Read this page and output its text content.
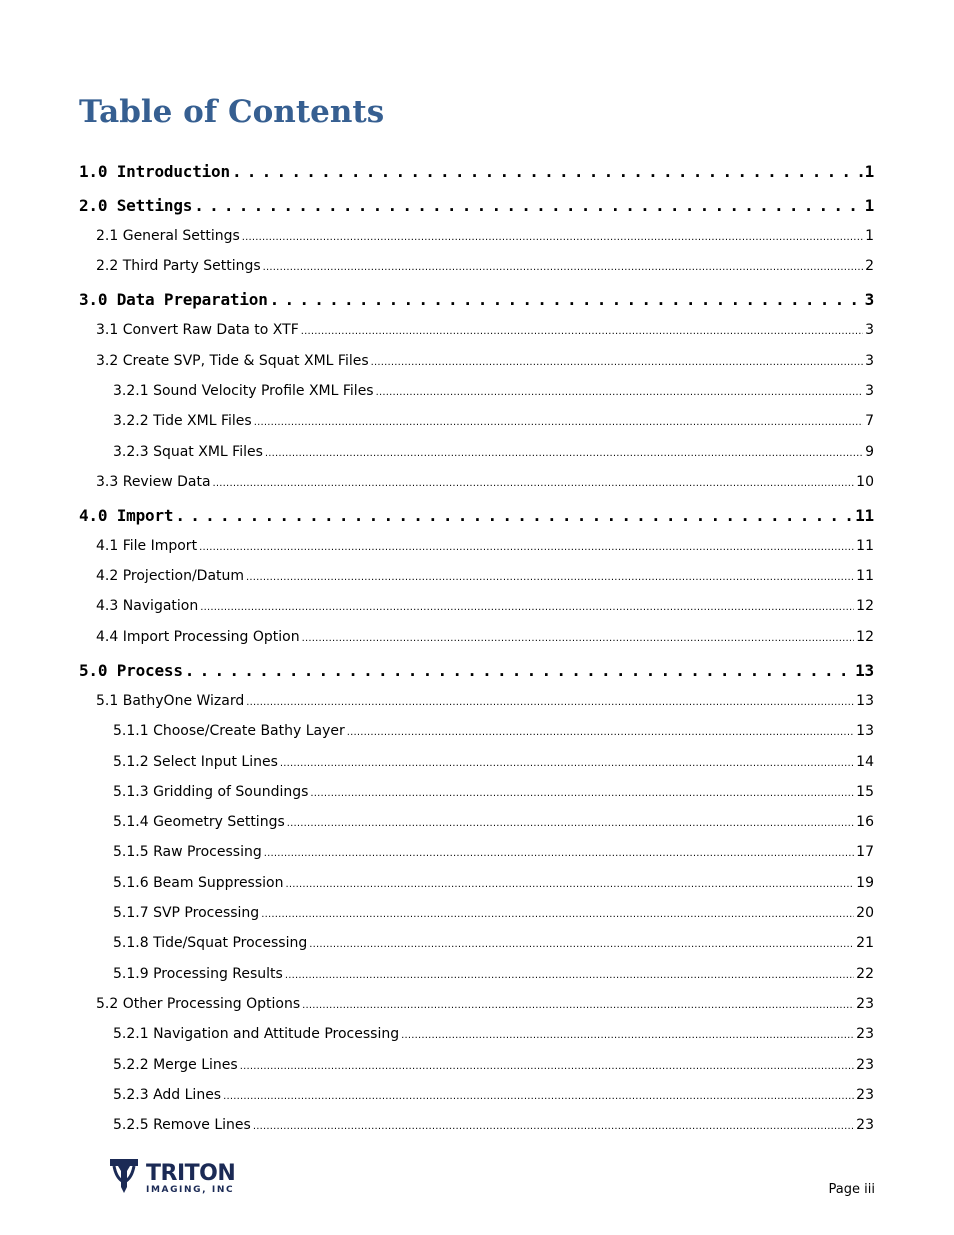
Table of Contents
1.0 Introduction . . .	1
2.0 Settings . . .	1
2.1 General Settings .....	1
2.2 Third Party Settings .....	2
3.0 Data Preparation . . .	3
3.1 Convert Raw Data to XTF .....	3
3.2 Create SVP, Tide & Squat XML Files .....	3
3.2.1 Sound Velocity Profile XML Files .....	3
3.2.2 Tide XML Files .....	7
3.2.3 Squat XML Files .....	9
3.3 Review Data .....	10
4.0 Import . . .	11
4.1 File Import .....	11
4.2 Projection/Datum .....	11
4.3 Navigation .....	12
4.4 Import Processing Option .....	12
5.0 Process . . .	13
5.1 BathyOne Wizard .....	13
5.1.1 Choose/Create Bathy Layer .....	13
5.1.2 Select Input Lines .....	14
5.1.3 Gridding of Soundings .....	15
5.1.4 Geometry Settings .....	16
5.1.5 Raw Processing .....	17
5.1.6 Beam Suppression .....	19
5.1.7 SVP Processing .....	20
5.1.8 Tide/Squat Processing .....	21
5.1.9 Processing Results .....	22
5.2 Other Processing Options .....	23
5.2.1 Navigation and Attitude Processing .....	23
5.2.2 Merge Lines .....	23
5.2.3 Add Lines .....	23
5.2.5 Remove Lines .....	23
TRITON
IMAGING, INC	Page iii
